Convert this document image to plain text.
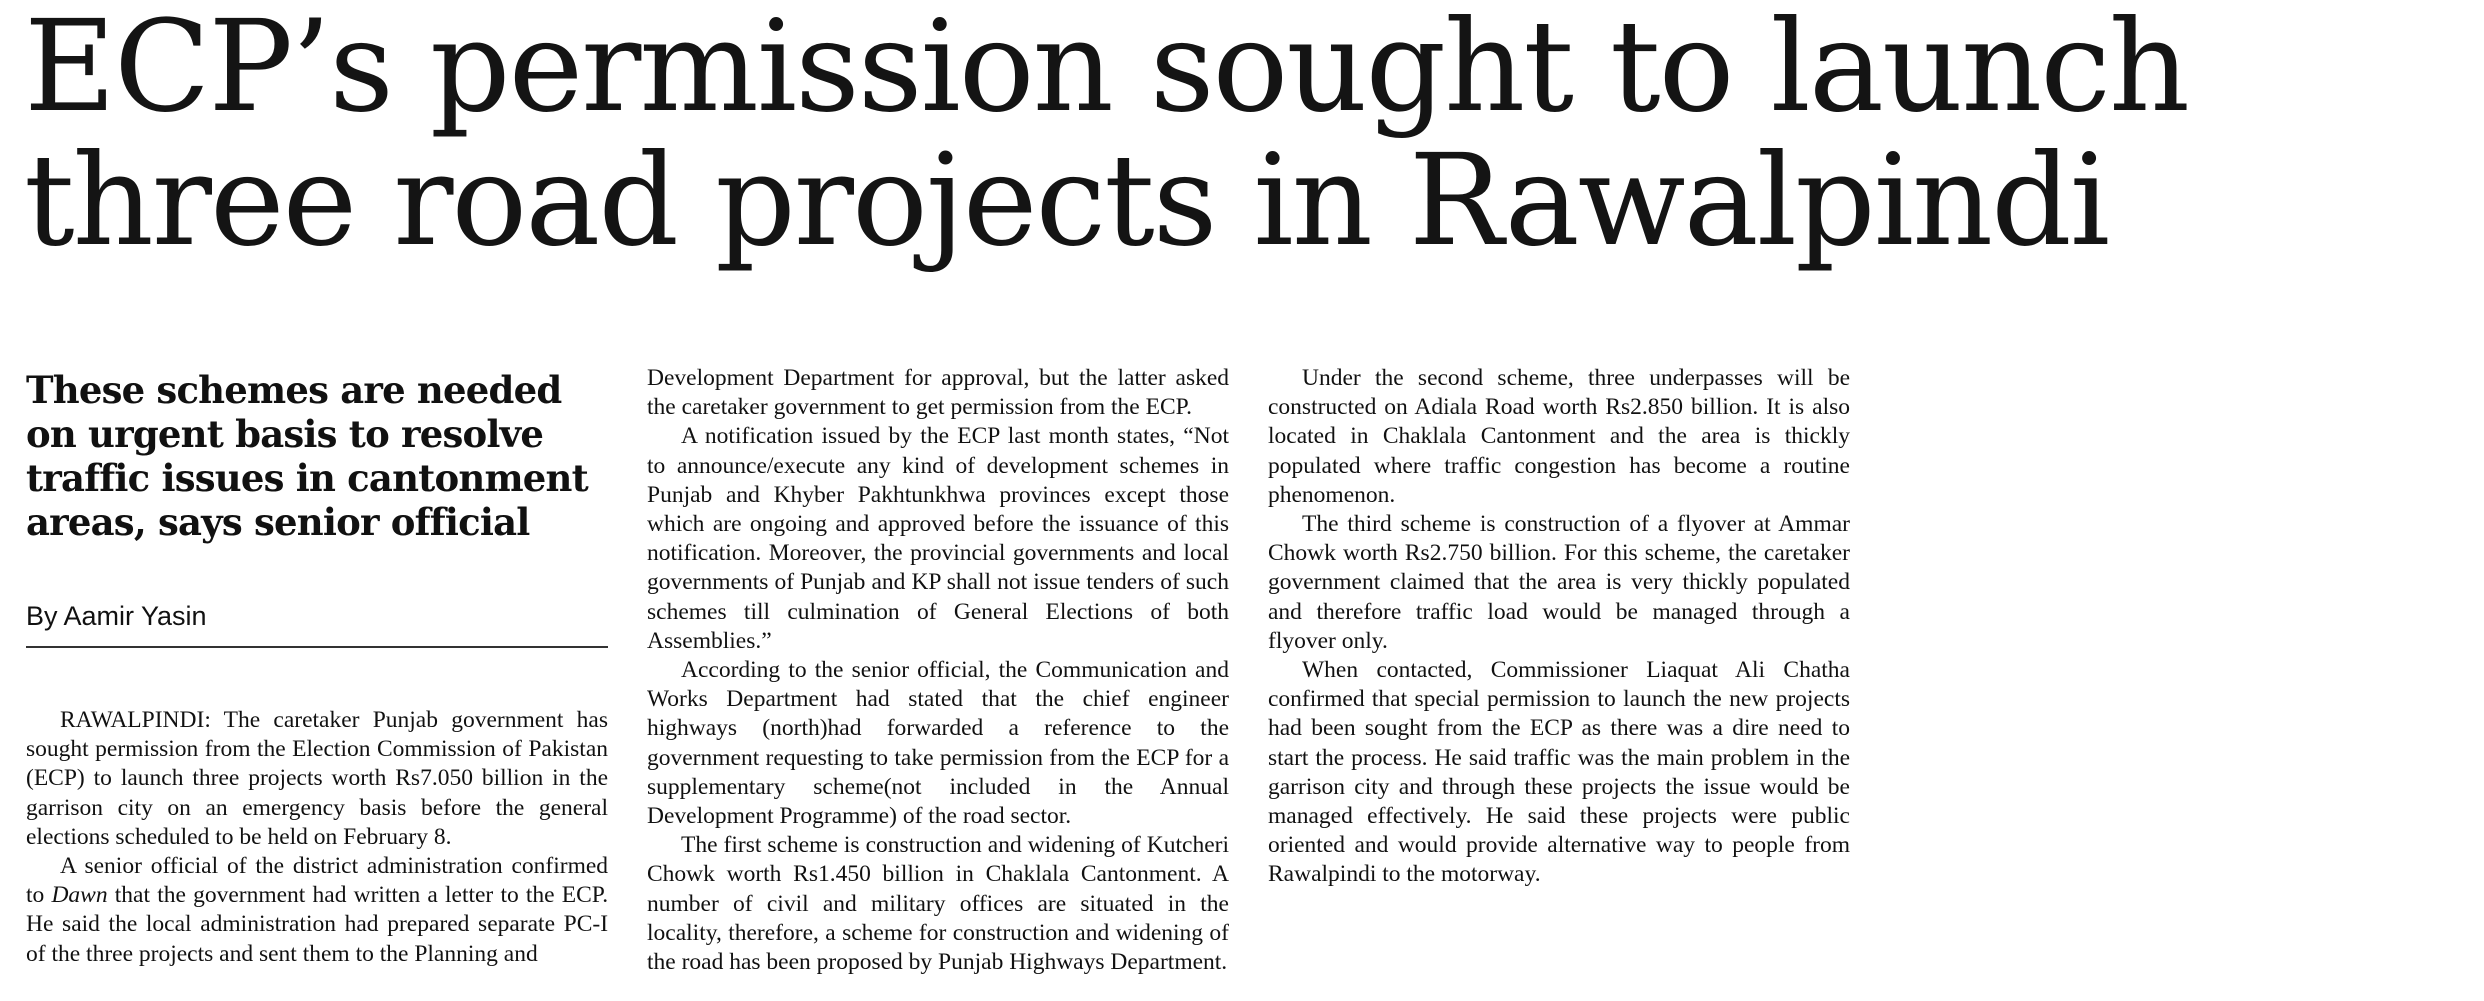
ECP’s permission sought to launch
three road projects in Rawalpindi
These schemes are needed on urgent basis to resolve traffic issues in cantonment areas, says senior official
By Aamir Yasin

RAWALPINDI: The caretaker Punjab government has sought permission from the Election Commission of Pakistan (ECP) to launch three projects worth Rs7.050 billion in the garrison city on an emergency basis before the general elections scheduled to be held on February 8.

A senior official of the district administration confirmed to Dawn that the government had written a letter to the ECP. He said the local administration had prepared separate PC-I of the three projects and sent them to the Planning and

Development Department for approval, but the latter asked the caretaker government to get permission from the ECP.

A notification issued by the ECP last month states, “Not to announce/execute any kind of development schemes in Punjab and Khyber Pakhtunkhwa provinces except those which are ongoing and approved before the issuance of this notification. Moreover, the provincial governments and local governments of Punjab and KP shall not issue tenders of such schemes till culmination of General Elections of both Assemblies.”

According to the senior official, the Communication and Works Department had stated that the chief engineer highways (north)had forwarded a reference to the government requesting to take permission from the ECP for a supplementary scheme(not included in the Annual Development Programme) of the road sector.

The first scheme is construction and widening of Kutcheri Chowk worth Rs1.450 billion in Chaklala Cantonment. A number of civil and military offices are situated in the locality, therefore, a scheme for construction and widening of the road has been proposed by Punjab Highways Department.

Under the second scheme, three underpasses will be constructed on Adiala Road worth Rs2.850 billion. It is also located in Chaklala Cantonment and the area is thickly populated where traffic congestion has become a routine phenomenon.

The third scheme is construction of a flyover at Ammar Chowk worth Rs2.750 billion. For this scheme, the caretaker government claimed that the area is very thickly populated and therefore traffic load would be managed through a flyover only.

When contacted, Commissioner Liaquat Ali Chatha confirmed that special permission to launch the new projects had been sought from the ECP as there was a dire need to start the process. He said traffic was the main problem in the garrison city and through these projects the issue would be managed effectively. He said these projects were public oriented and would provide alternative way to people from Rawalpindi to the motorway.
